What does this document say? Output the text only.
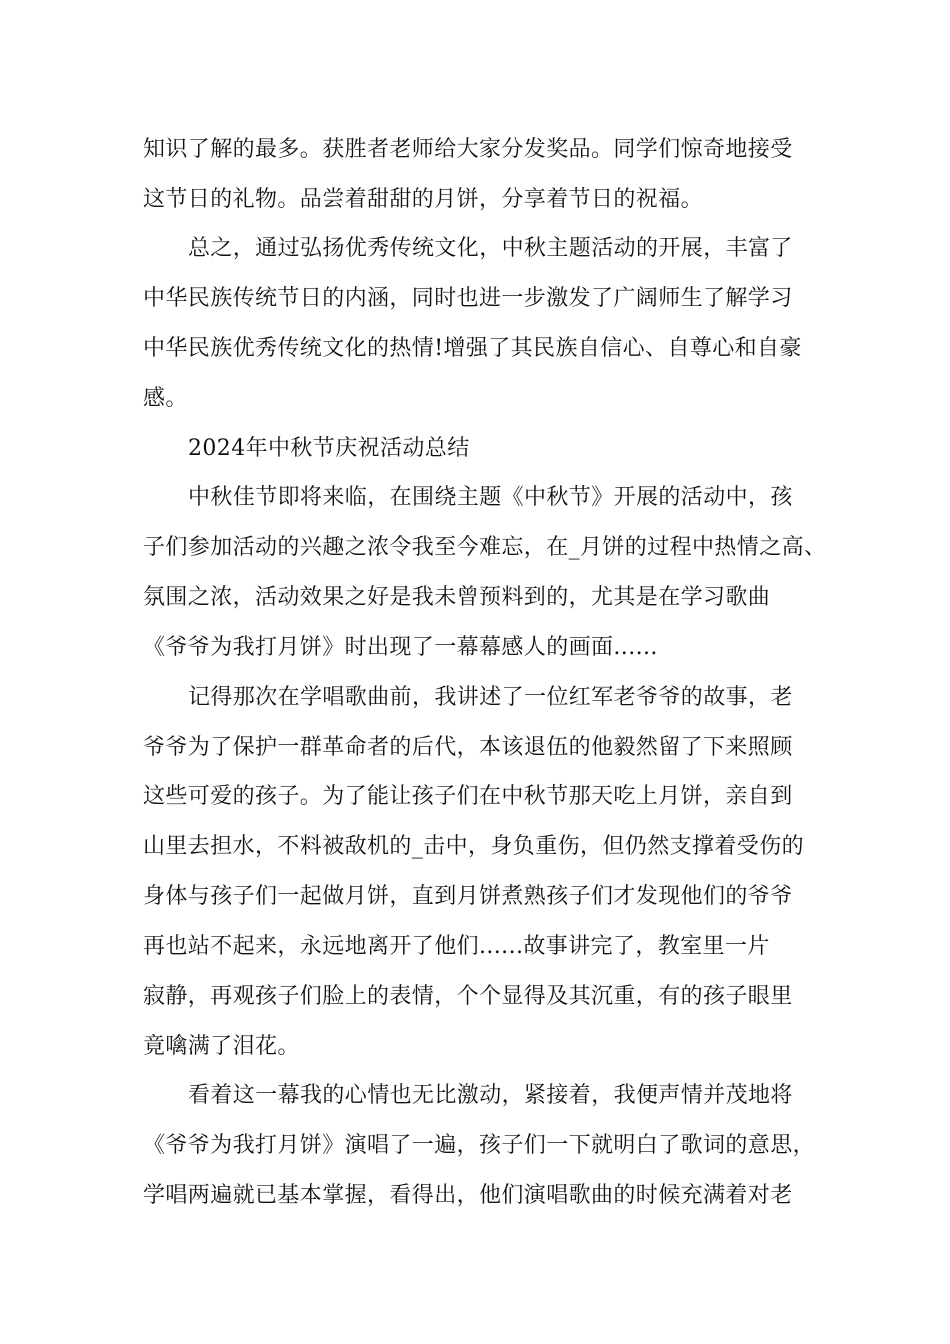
知识了解的最多。获胜者老师给大家分发奖品。同学们惊奇地接受
这节日的礼物。品尝着甜甜的月饼，分享着节日的祝福。
总之，通过弘扬优秀传统文化，中秋主题活动的开展，丰富了
中华民族传统节日的内涵，同时也进一步激发了广阔师生了解学习
中华民族优秀传统文化的热情!增强了其民族自信心、自尊心和自豪
感。
2024年中秋节庆祝活动总结
中秋佳节即将来临，在围绕主题《中秋节》开展的活动中，孩
子们参加活动的兴趣之浓令我至今难忘，在_月饼的过程中热情之高、
氛围之浓，活动效果之好是我未曾预料到的，尤其是在学习歌曲
《爷爷为我打月饼》时出现了一幕幕感人的画面......
记得那次在学唱歌曲前，我讲述了一位红军老爷爷的故事，老
爷爷为了保护一群革命者的后代，本该退伍的他毅然留了下来照顾
这些可爱的孩子。为了能让孩子们在中秋节那天吃上月饼，亲自到
山里去担水，不料被敌机的_击中，身负重伤，但仍然支撑着受伤的
身体与孩子们一起做月饼，直到月饼煮熟孩子们才发现他们的爷爷
再也站不起来，永远地离开了他们......故事讲完了，教室里一片
寂静，再观孩子们脸上的表情，个个显得及其沉重，有的孩子眼里
竟噙满了泪花。
看着这一幕我的心情也无比激动，紧接着，我便声情并茂地将
《爷爷为我打月饼》演唱了一遍，孩子们一下就明白了歌词的意思，
学唱两遍就已基本掌握，看得出，他们演唱歌曲的时候充满着对老
